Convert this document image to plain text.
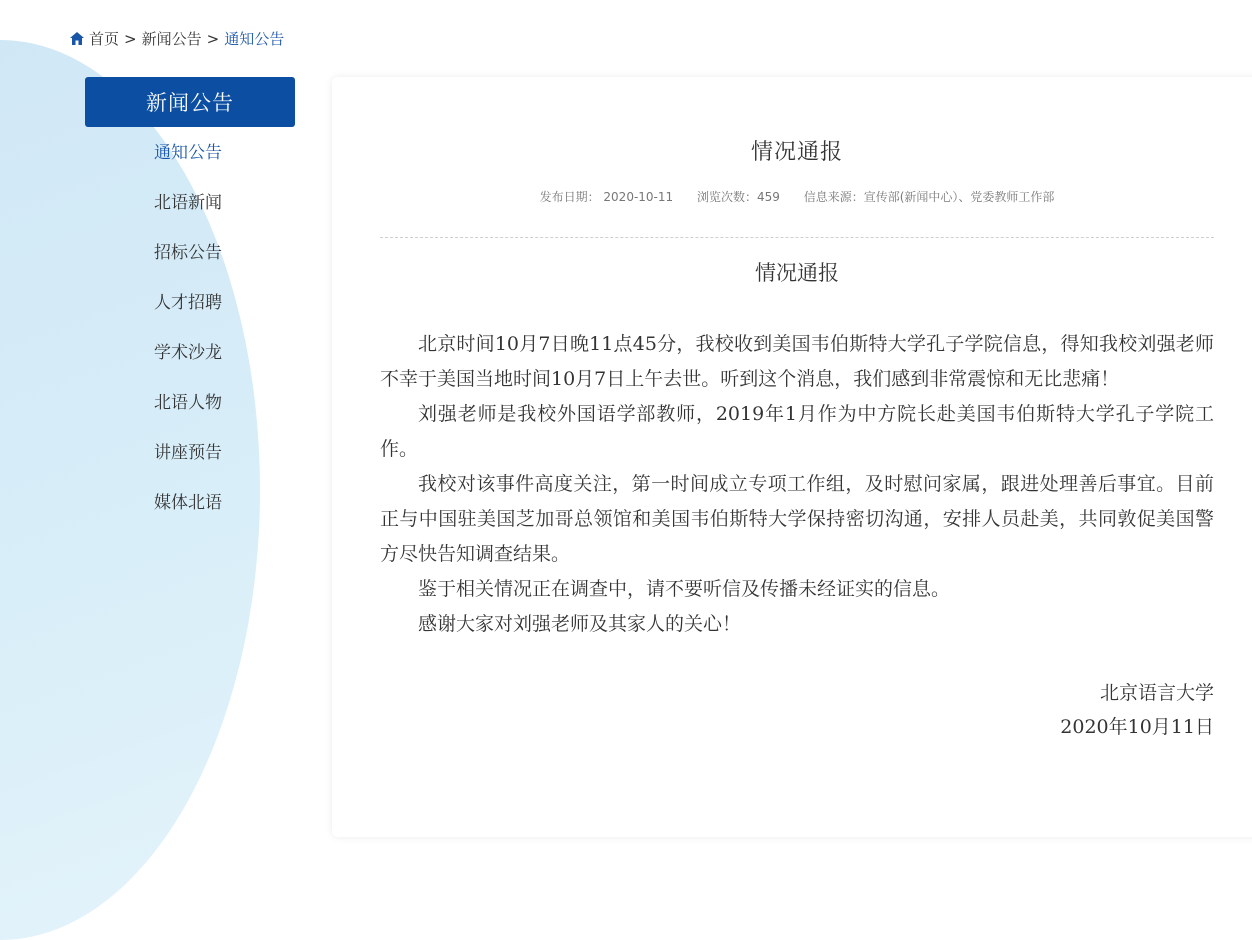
首页 > 新闻公告 > 通知公告
新闻公告
通知公告
北语新闻
招标公告
人才招聘
学术沙龙
北语人物
讲座预告
媒体北语
情况通报
发布日期： 2020-10-11 浏览次数：459 信息来源：宣传部(新闻中心）、党委教师工作部
情况通报

北京时间10月7日晚11点45分，我校收到美国韦伯斯特大学孔子学院信息，得知我校刘强老师不幸于美国当地时间10月7日上午去世。听到这个消息，我们感到非常震惊和无比悲痛！

刘强老师是我校外国语学部教师，2019年1月作为中方院长赴美国韦伯斯特大学孔子学院工作。

我校对该事件高度关注，第一时间成立专项工作组，及时慰问家属，跟进处理善后事宜。目前正与中国驻美国芝加哥总领馆和美国韦伯斯特大学保持密切沟通，安排人员赴美，共同敦促美国警方尽快告知调查结果。

鉴于相关情况正在调查中，请不要听信及传播未经证实的信息。

感谢大家对刘强老师及其家人的关心！

北京语言大学
2020年10月11日
